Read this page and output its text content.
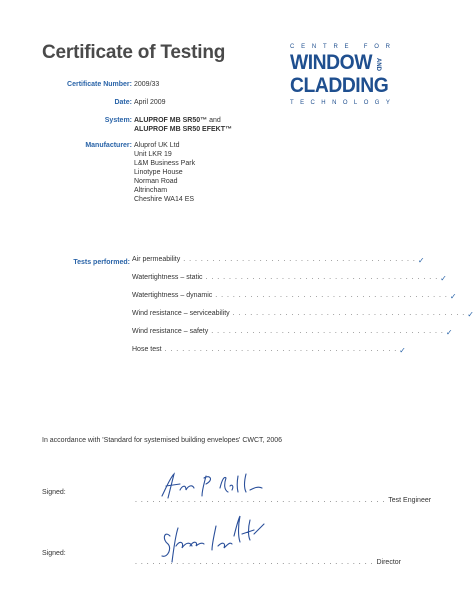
Certificate of Testing	C E N T R E
	F O R
WINDOW AND
CLADDING
T E C H N O L O G Y
Certificate Number: 2009/33
Date: April 2009
System: ALUPROF MB SR50™ and
ALUPROF MB SR50 EFEKT™
Manufacturer: Aluprof UK Ltd
Unit LKR 19
L&M Business Park
Linotype House
Norman Road
Altrincham
Cheshire WA14 ES
Tests performed: Air permeability . . . . . . . . . . . . . . . . . . . . . . . . . . . . . . . . . . . . . . . . ✓
Watertightness – static . . . . . . . . . . . . . . . . . . . . . . . . . . . . . . . . . . . . . . . . ✓
Watertightness – dynamic . . . . . . . . . . . . . . . . . . . . . . . . . . . . . . . . . . . . . . . . ✓
Wind resistance – serviceability . . . . . . . . . . . . . . . . . . . . . . . . . . . . . . . . . . . . . . . . ✓
Wind resistance – safety . . . . . . . . . . . . . . . . . . . . . . . . . . . . . . . . . . . . . . . . ✓
Hose test . . . . . . . . . . . . . . . . . . . . . . . . . . . . . . . . . . . . . . . . ✓
In accordance with 'Standard for systemised building envelopes' CWCT, 2006
Signed:
. . . . . . . . . . . . . . . . . . . . . . . . . . . . . . . . . . . . . . . . . . . Test Engineer
Signed:
. . . . . . . . . . . . . . . . . . . . . . . . . . . . . . . . . . . . . . . . . Director
